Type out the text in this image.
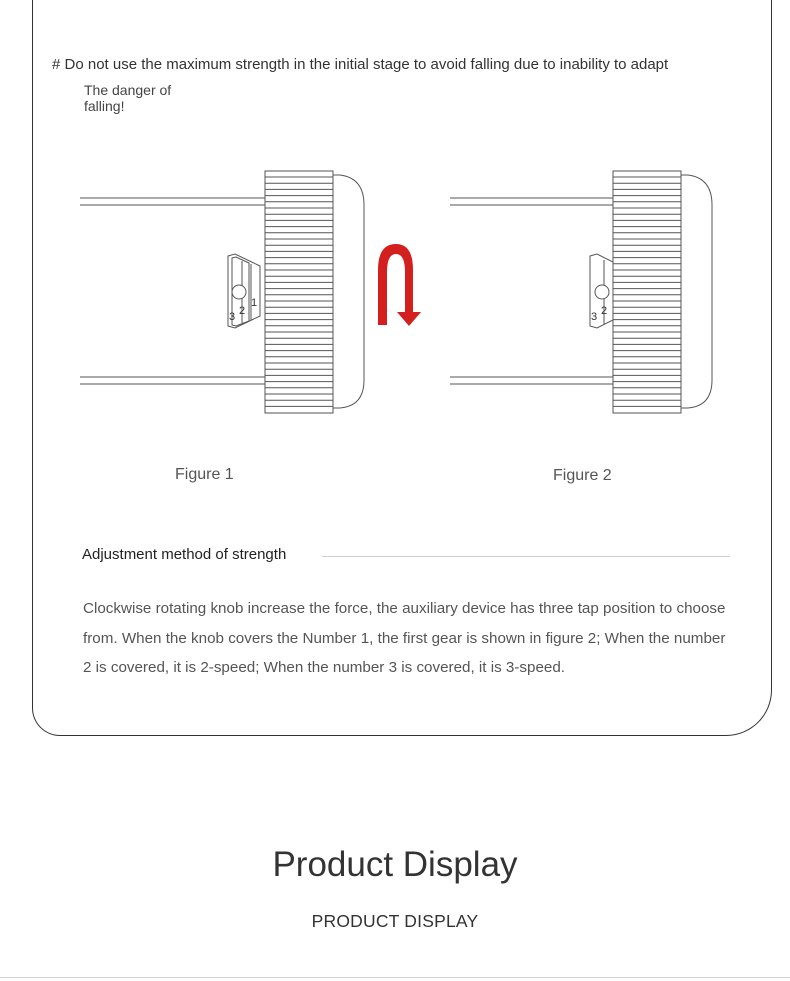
# Do not use the maximum strength in the initial stage to avoid falling due to inability to adapt
The danger of falling!
3 2
1
3 2
Figure 1	Figure 2
Adjustment method of strength
Clockwise rotating knob increase the force, the auxiliary device has three tap position to choose from. When the knob covers the Number 1, the first gear is shown in figure 2; When the number 2 is covered, it is 2-speed; When the number 3 is covered, it is 3-speed.
Product Display
PRODUCT DISPLAY
